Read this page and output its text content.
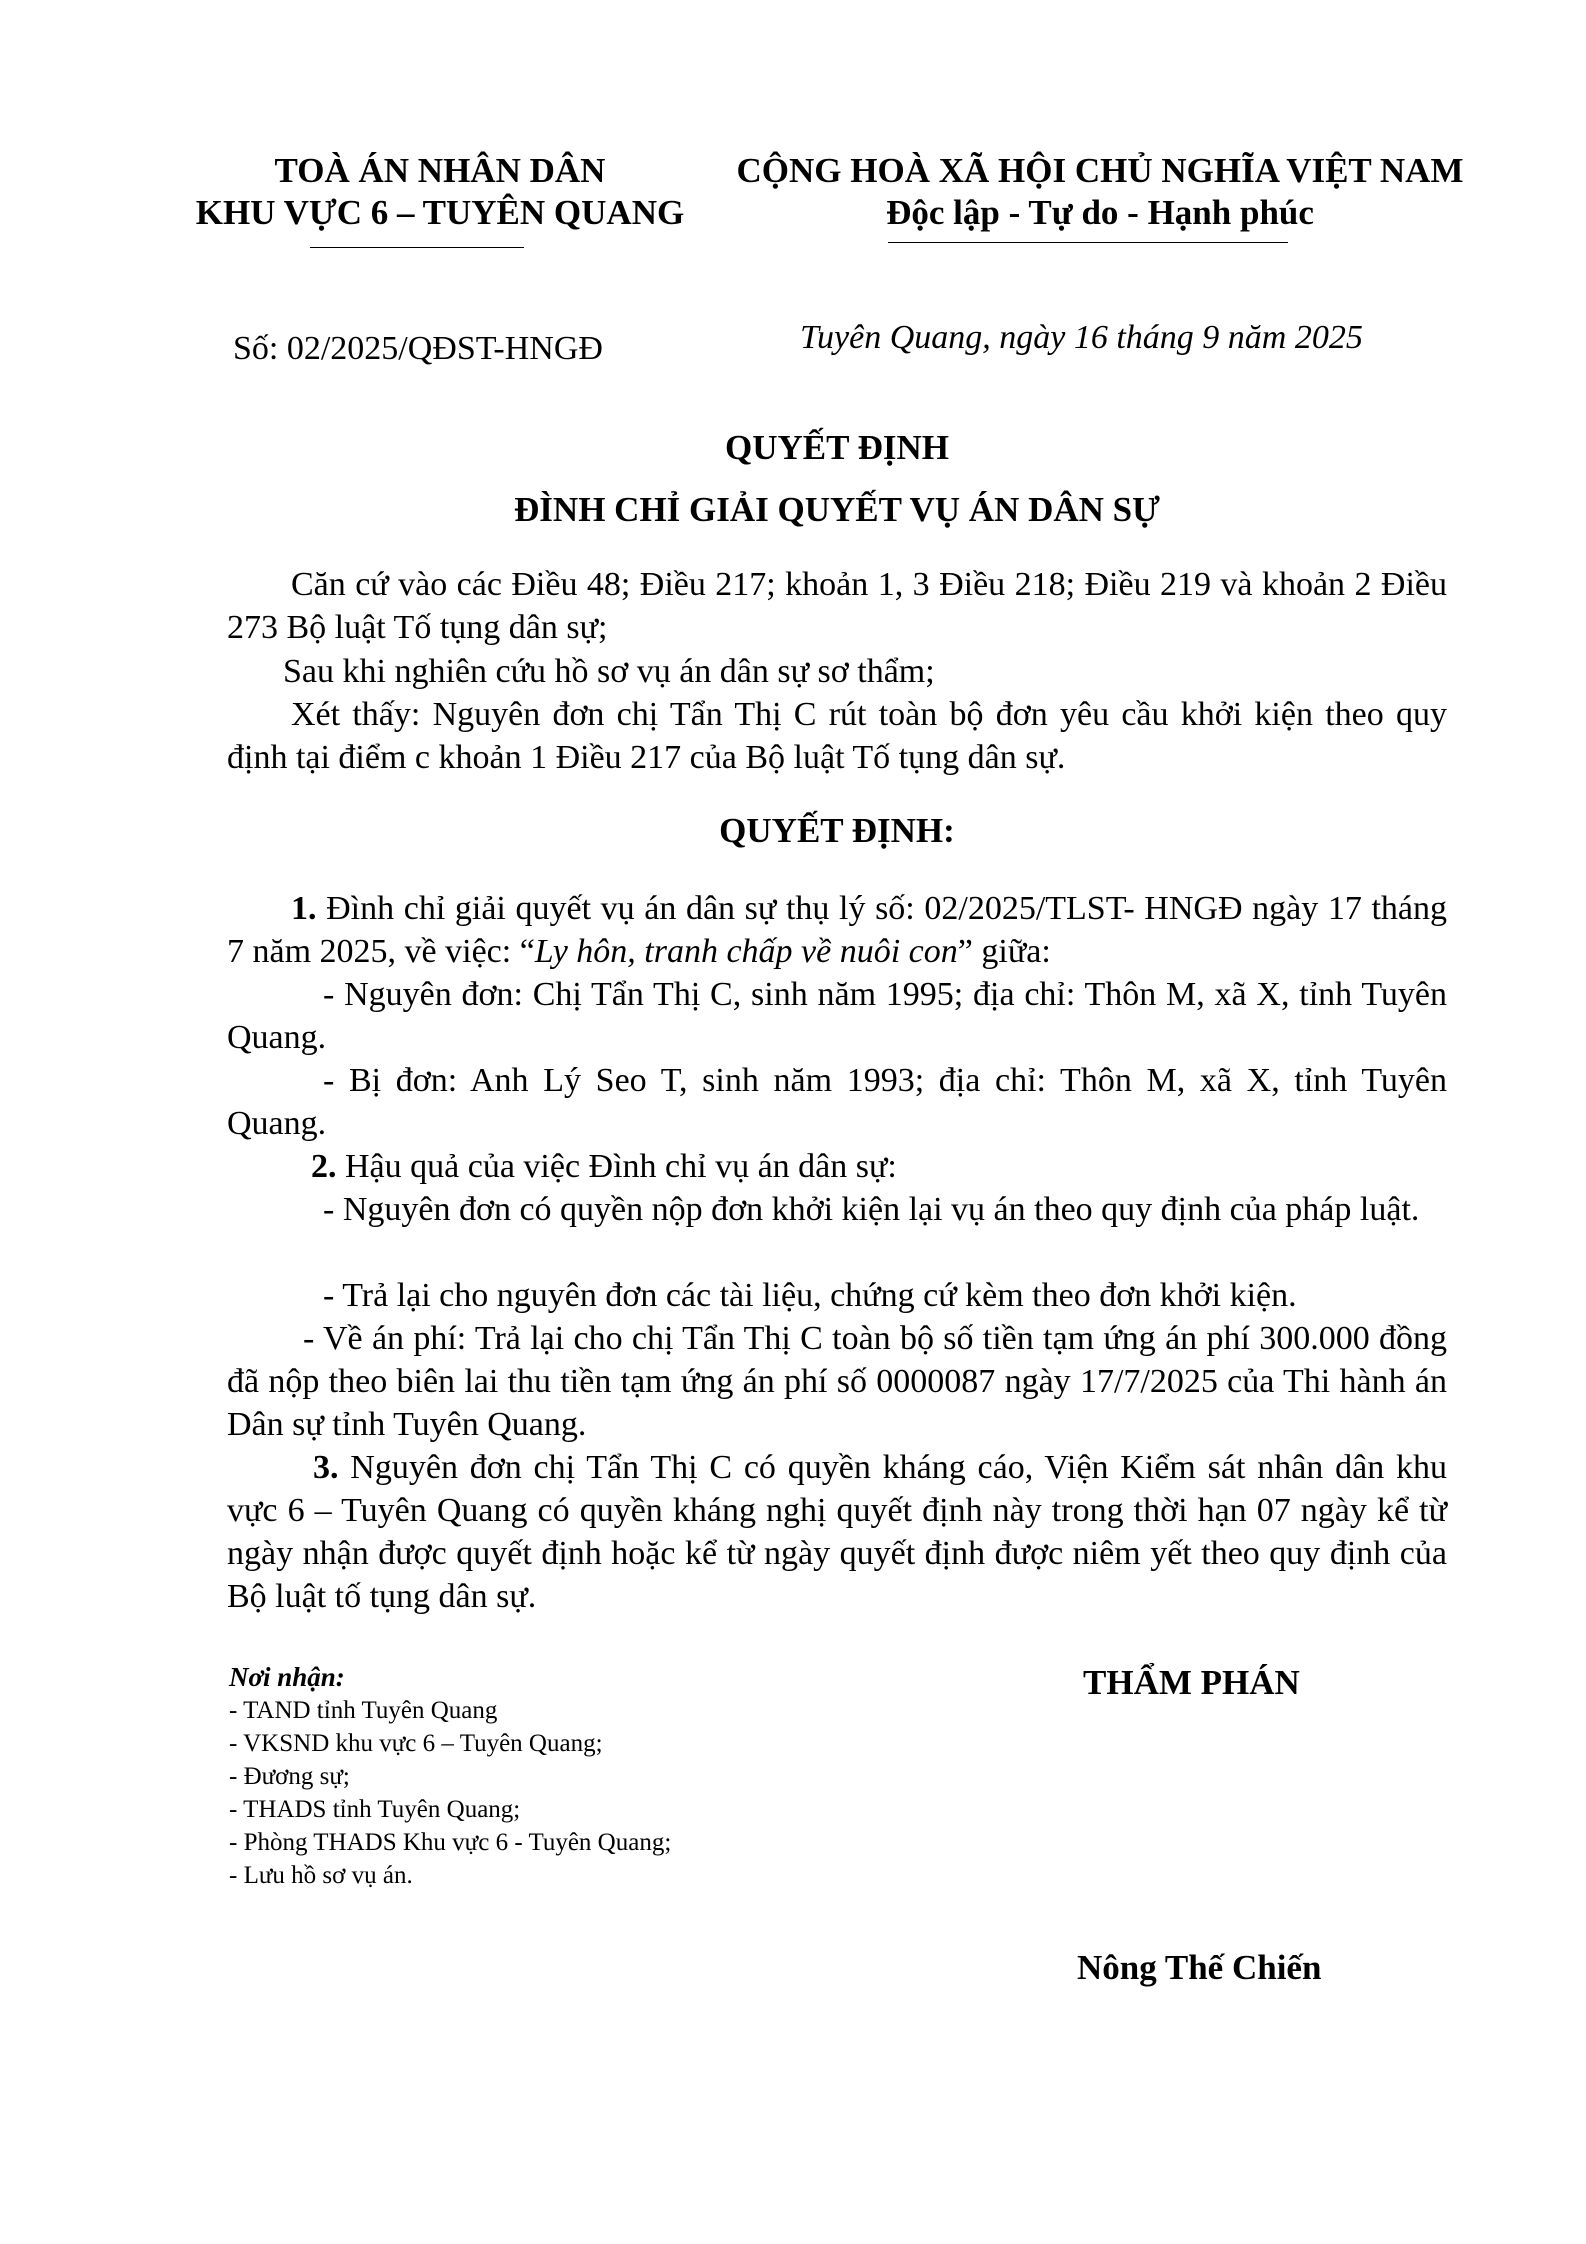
TOÀ ÁN NHÂN DÂN
KHU VỰC 6 – TUYÊN QUANG
CỘNG HOÀ XÃ HỘI CHỦ NGHĨA VIỆT NAM
Độc lập - Tự do - Hạnh phúc
Số: 02/2025/QĐST-HNGĐ	Tuyên Quang, ngày 16 tháng 9 năm 2025
QUYẾT ĐỊNH
ĐÌNH CHỈ GIẢI QUYẾT VỤ ÁN DÂN SỰ
Căn cứ vào các Điều 48; Điều 217; khoản 1, 3 Điều 218; Điều 219 và khoản 2 Điều 273 Bộ luật Tố tụng dân sự;
Sau khi nghiên cứu hồ sơ vụ án dân sự sơ thẩm;
Xét thấy: Nguyên đơn chị Tẩn Thị C rút toàn bộ đơn yêu cầu khởi kiện theo quy định tại điểm c khoản 1 Điều 217 của Bộ luật Tố tụng dân sự.
QUYẾT ĐỊNH:
1. Đình chỉ giải quyết vụ án dân sự thụ lý số: 02/2025/TLST- HNGĐ ngày 17 tháng 7 năm 2025, về việc: “Ly hôn, tranh chấp về nuôi con” giữa:
- Nguyên đơn: Chị Tẩn Thị C, sinh năm 1995; địa chỉ: Thôn M, xã X, tỉnh Tuyên Quang.
- Bị đơn: Anh Lý Seo T, sinh năm 1993; địa chỉ: Thôn M, xã X, tỉnh Tuyên Quang.
2. Hậu quả của việc Đình chỉ vụ án dân sự:
- Nguyên đơn có quyền nộp đơn khởi kiện lại vụ án theo quy định của pháp luật.
- Trả lại cho nguyên đơn các tài liệu, chứng cứ kèm theo đơn khởi kiện.
- Về án phí: Trả lại cho chị Tẩn Thị C toàn bộ số tiền tạm ứng án phí 300.000 đồng đã nộp theo biên lai thu tiền tạm ứng án phí số 0000087 ngày 17/7/2025 của Thi hành án Dân sự tỉnh Tuyên Quang.
3. Nguyên đơn chị Tẩn Thị C có quyền kháng cáo, Viện Kiểm sát nhân dân khu vực 6 – Tuyên Quang có quyền kháng nghị quyết định này trong thời hạn 07 ngày kể từ ngày nhận được quyết định hoặc kể từ ngày quyết định được niêm yết theo quy định của Bộ luật tố tụng dân sự.
Nơi nhận:
- TAND tỉnh Tuyên Quang
- VKSND khu vực 6 – Tuyên Quang;
- Đương sự;
- THADS tỉnh Tuyên Quang;
- Phòng THADS Khu vực 6 - Tuyên Quang;
- Lưu hồ sơ vụ án.
THẨM PHÁN
Nông Thế Chiến
